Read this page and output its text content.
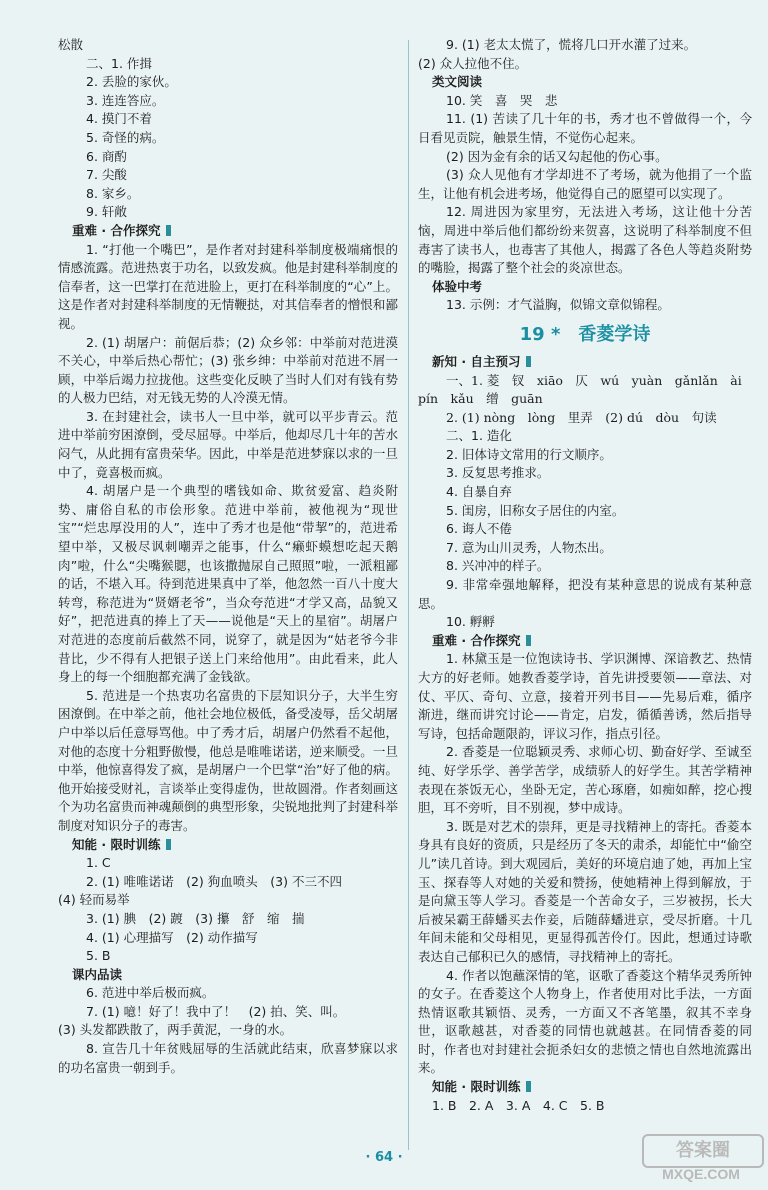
松散
二、1. 作揖
2. 丢脸的家伙。
3. 连连答应。
4. 摸门不着
5. 奇怪的病。
6. 商酌
7. 尖酸
8. 家乡。
9. 轩敞
重难 · 合作探究
1. “打他一个嘴巴”，是作者对封建科举制度极端痛恨的情感流露。范进热衷于功名，以致发疯。他是封建科举制度的信奉者，这一巴掌打在范进脸上，更打在科举制度的“心”上。这是作者对封建科举制度的无情鞭挞，对其信奉者的憎恨和鄙视。
2. (1) 胡屠户：前倨后恭；(2) 众乡邻：中举前对范进漠不关心，中举后热心帮忙；(3) 张乡绅：中举前对范进不屑一顾，中举后竭力拉拢他。这些变化反映了当时人们对有钱有势的人极力巴结，对无钱无势的人冷漠无情。
3. 在封建社会，读书人一旦中举，就可以平步青云。范进中举前穷困潦倒，受尽屈辱。中举后，他却尽几十年的苦水闷气，从此拥有富贵荣华。因此，中举是范进梦寐以求的一旦中了，竟喜极而疯。
4. 胡屠户是一个典型的嗜钱如命、欺贫爱富、趋炎附势、庸俗自私的市侩形象。范进中举前，被他视为“现世宝”“烂忠厚没用的人”，连中了秀才也是他“带挈”的，范进希望中举，又极尽讽刺嘲弄之能事，什么“癞虾蟆想吃起天鹅肉”啦，什么“尖嘴猴腮，也该撒抛尿自己照照”啦，一派粗鄙的话，不堪入耳。待到范进果真中了举，他忽然一百八十度大转弯，称范进为“贤婿老爷”，当众夸范进“才学又高，品貌又好”，把范进真的捧上了天——说他是“天上的星宿”。胡屠户对范进的态度前后截然不同，说穿了，就是因为“姑老爷今非昔比，少不得有人把银子送上门来给他用”。由此看来，此人身上的每一个细胞都充满了金钱欲。
5. 范进是一个热衷功名富贵的下层知识分子，大半生穷困潦倒。在中举之前，他社会地位极低，备受凌辱，岳父胡屠户中举以后任意辱骂他。中了秀才后，胡屠户仍然看不起他，对他的态度十分粗野傲慢，他总是唯唯诺诺，逆来顺受。一旦中举，他惊喜得发了疯，是胡屠户一个巴掌“治”好了他的病。他开始接受财礼，言谈举止变得虚伪，世故圆滑。作者刻画这个为功名富贵而神魂颠倒的典型形象，尖锐地批判了封建科举制度对知识分子的毒害。
知能 · 限时训练
1. C
2. (1) 唯唯诺诺　(2) 狗血喷头　(3) 不三不四
(4) 轻而易举
3. (1) 腆　(2) 踱　(3) 攥　舒　缩　揣
4. (1) 心理描写　(2) 动作描写
5. B
课内品读
6. 范进中举后极而疯。
7. (1) 噫！好了！我中了！　(2) 拍、笑、叫。
(3) 头发都跌散了，两手黄泥，一身的水。
8. 宣告几十年贫贱屈辱的生活就此结束，欣喜梦寐以求的功名富贵一朝到手。
9. (1) 老太太慌了，慌将几口开水灌了过来。
(2) 众人拉他不住。
类文阅读
10. 笑　喜　哭　悲
11. (1) 苦读了几十年的书，秀才也不曾做得一个，今日看见贡院，触景生情，不觉伤心起来。
(2) 因为金有余的话又勾起他的伤心事。
(3) 众人见他有才学却进不了考场，就为他捐了一个监生，让他有机会进考场，他觉得自己的愿望可以实现了。
12. 周进因为家里穷，无法进入考场，这让他十分苦恼，周进中举后他们都纷纷来贺喜，这说明了科举制度不但毒害了读书人，也毒害了其他人，揭露了各色人等趋炎附势的嘴脸，揭露了整个社会的炎凉世态。
体验中考
13. 示例：才气溢胸，似锦文章似锦程。
19 * 香菱学诗
新知 · 自主预习
一、1. 菱　钗　xiāo　仄　wú　yuàn　gǎnlǎn　ài
pín　kǎu　缯　guān
2. (1) nòng　lòng　里弄　(2) dú　dòu　句读
二、1. 造化
2. 旧体诗文常用的行文顺序。
3. 反复思考推求。
4. 自暴自弃
5. 闺房，旧称女子居住的内室。
6. 诲人不倦
7. 意为山川灵秀，人物杰出。
8. 兴冲冲的样子。
9. 非常牵强地解释，把没有某种意思的说成有某种意思。
10. 孵孵
重难 · 合作探究
1. 林黛玉是一位饱读诗书、学识渊博、深谙教艺、热情大方的好老师。她教香菱学诗，首先讲授要领——章法、对仗、平仄、奇句、立意，接着开列书目——先易后难，循序渐进，继而讲究讨论——肯定，启发，循循善诱，然后指导写诗，包括命题限韵，评议习作，指点引径。
2. 香菱是一位聪颖灵秀、求师心切、勤奋好学、至诚至纯、好学乐学、善学苦学，成绩骄人的好学生。其苦学精神表现在茶饭无心，坐卧无定，苦心琢磨，如痴如醉，挖心搜胆，耳不旁听，目不别视，梦中成诗。
3. 既是对艺术的崇拜，更是寻找精神上的寄托。香菱本身具有良好的资质，只是经历了冬天的肃杀，却能忙中“偷空儿”读几首诗。到大观园后，美好的环境启迪了她，再加上宝玉、探春等人对她的关爱和赞扬，使她精神上得到解放，于是向黛玉等人学习。香菱是一个苦命女子，三岁被拐，长大后被呆霸王薛蟠买去作妾，后随薛蟠进京，受尽折磨。十几年间未能和父母相见，更显得孤苦伶仃。因此，想通过诗歌表达自己郁积已久的感情，寻找精神上的寄托。
4. 作者以饱蘸深情的笔，讴歌了香菱这个精华灵秀所钟的女子。在香菱这个人物身上，作者使用对比手法，一方面热情讴歌其颖悟、灵秀，一方面又不吝笔墨，叙其不幸身世，讴歌越甚，对香菱的同情也就越甚。在同情香菱的同时，作者也对封建社会扼杀妇女的悲愤之情也自然地流露出来。
知能 · 限时训练
1. B　2. A　3. A　4. C　5. B
· 64 ·	答案圈
MXQE.COM
